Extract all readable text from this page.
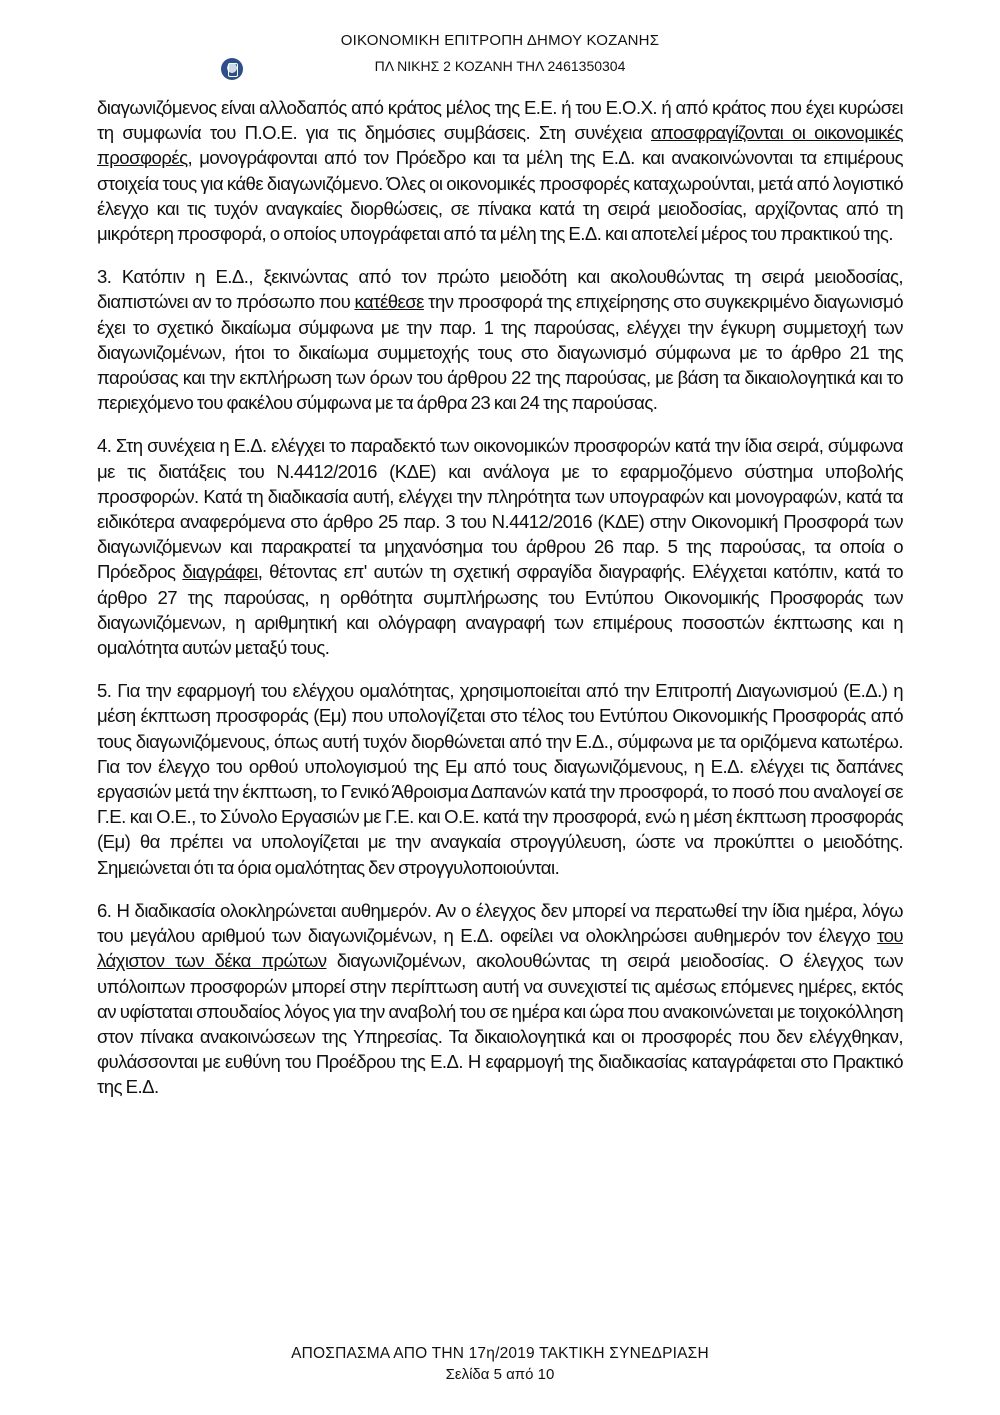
ΟΙΚΟΝΟΜΙΚΗ ΕΠΙΤΡΟΠΗ ΔΗΜΟΥ ΚΟΖΑΝΗΣ
ΠΛ ΝΙΚΗΣ 2 ΚΟΖΑΝΗ ΤΗΛ 2461350304

διαγωνιζόμενος είναι αλλοδαπός από κράτος μέλος της Ε.Ε. ή του Ε.Ο.Χ. ή από κράτος που έχει κυρώσει τη συμφωνία του Π.Ο.Ε. για τις δημόσιες συμβάσεις. Στη συνέχεια αποσφραγίζονται οι οικονομικές προσφορές, μονογράφονται από τον Πρόεδρο και τα μέλη της Ε.Δ. και ανακοινώνονται τα επιμέρους στοιχεία τους για κάθε διαγωνιζόμενο. Όλες οι οικονομικές προσφορές καταχωρούνται, μετά από λογιστικό έλεγχο και τις τυχόν αναγκαίες διορθώσεις, σε πίνακα κατά τη σειρά μειοδοσίας, αρχίζοντας από τη μικρότερη προσφορά, ο οποίος υπογράφεται από τα μέλη της Ε.Δ. και αποτελεί μέρος του πρακτικού της.

3. Κατόπιν η Ε.Δ., ξεκινώντας από τον πρώτο μειοδότη και ακολουθώντας τη σειρά μειοδοσίας, διαπιστώνει αν το πρόσωπο που κατέθεσε την προσφορά της επιχείρησης στο συγκεκριμένο διαγωνισμό έχει το σχετικό δικαίωμα σύμφωνα με την παρ. 1 της παρούσας, ελέγχει την έγκυρη συμμετοχή των διαγωνιζομένων, ήτοι το δικαίωμα συμμετοχής τους στο διαγωνισμό σύμφωνα με το άρθρο 21 της παρούσας και την εκπλήρωση των όρων του άρθρου 22 της παρούσας, με βάση τα δικαιολογητικά και το περιεχόμενο του φακέλου σύμφωνα με τα άρθρα 23 και 24 της παρούσας.

4. Στη συνέχεια η Ε.Δ. ελέγχει το παραδεκτό των οικονομικών προσφορών κατά την ίδια σειρά, σύμφωνα με τις διατάξεις του Ν.4412/2016 (ΚΔΕ) και ανάλογα με το εφαρμοζόμενο σύστημα υποβολής προσφορών. Κατά τη διαδικασία αυτή, ελέγχει την πληρότητα των υπογραφών και μονογραφών, κατά τα ειδικότερα αναφερόμενα στο άρθρο 25 παρ. 3 του Ν.4412/2016 (ΚΔΕ) στην Οικονομική Προσφορά των διαγωνιζόμενων και παρακρατεί τα μηχανόσημα του άρθρου 26 παρ. 5 της παρούσας, τα οποία ο Πρόεδρος διαγράφει, θέτοντας επ' αυτών τη σχετική σφραγίδα διαγραφής. Ελέγχεται κατόπιν, κατά το άρθρο 27 της παρούσας, η ορθότητα συμπλήρωσης του Εντύπου Οικονομικής Προσφοράς των διαγωνιζόμενων, η αριθμητική και ολόγραφη αναγραφή των επιμέρους ποσοστών έκπτωσης και η ομαλότητα αυτών μεταξύ τους.

5. Για την εφαρμογή του ελέγχου ομαλότητας, χρησιμοποιείται από την Επιτροπή Διαγωνισμού (Ε.Δ.) η μέση έκπτωση προσφοράς (Εμ) που υπολογίζεται στο τέλος του Εντύπου Οικονομικής Προσφοράς από τους διαγωνιζόμενους, όπως αυτή τυχόν διορθώνεται από την Ε.Δ., σύμφωνα με τα οριζόμενα κατωτέρω. Για τον έλεγχο του ορθού υπολογισμού της Εμ από τους διαγωνιζόμενους, η Ε.Δ. ελέγχει τις δαπάνες εργασιών μετά την έκπτωση, το Γενικό Άθροισμα Δαπανών κατά την προσφορά, το ποσό που αναλογεί σε Γ.Ε. και Ο.Ε., το Σύνολο Εργασιών με Γ.Ε. και Ο.Ε. κατά την προσφορά, ενώ η μέση έκπτωση προσφοράς (Εμ) θα πρέπει να υπολογίζεται με την αναγκαία στρογγύλευση, ώστε να προκύπτει ο μειοδότης. Σημειώνεται ότι τα όρια ομαλότητας δεν στρογγυλοποιούνται.

6. Η διαδικασία ολοκληρώνεται αυθημερόν. Αν ο έλεγχος δεν μπορεί να περατωθεί την ίδια ημέρα, λόγω του μεγάλου αριθμού των διαγωνιζομένων, η Ε.Δ. οφείλει να ολοκληρώσει αυθημερόν τον έλεγχο του λάχιστον των δέκα πρώτων διαγωνιζομένων, ακολουθώντας τη σειρά μειοδοσίας. Ο έλεγχος των υπόλοιπων προσφορών μπορεί στην περίπτωση αυτή να συνεχιστεί τις αμέσως επόμενες ημέρες, εκτός αν υφίσταται σπουδαίος λόγος για την αναβολή του σε ημέρα και ώρα που ανακοινώνεται με τοιχοκόλληση στον πίνακα ανακοινώσεων της Υπηρεσίας. Τα δικαιολογητικά και οι προσφορές που δεν ελέγχθηκαν, φυλάσσονται με ευθύνη του Προέδρου της Ε.Δ. Η εφαρμογή της διαδικασίας καταγράφεται στο Πρακτικό της Ε.Δ.

ΑΠΟΣΠΑΣΜΑ ΑΠΟ ΤΗΝ 17η/2019 ΤΑΚΤΙΚΗ ΣΥΝΕΔΡΙΑΣΗ
Σελίδα 5 από 10
